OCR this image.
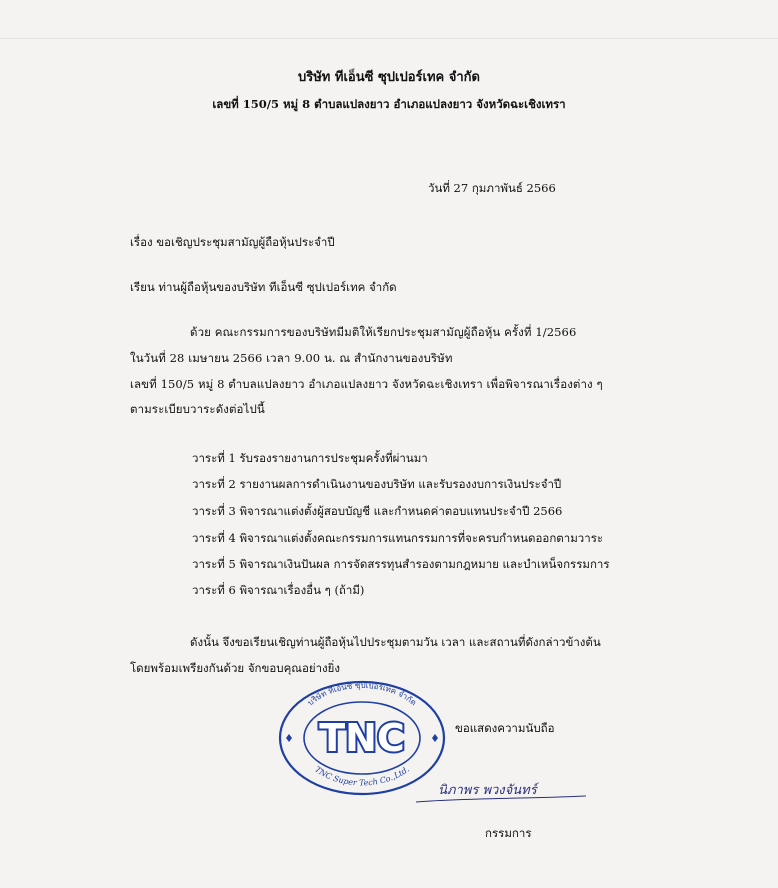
บริษัท ทีเอ็นซี ซุปเปอร์เทค จำกัด
เลขที่ 150/5 หมู่ 8 ตำบลแปลงยาว อำเภอแปลงยาว จังหวัดฉะเชิงเทรา
วันที่ 27 กุมภาพันธ์ 2566
เรื่อง ขอเชิญประชุมสามัญผู้ถือหุ้นประจำปี
เรียน ท่านผู้ถือหุ้นของบริษัท ทีเอ็นซี ซุปเปอร์เทค จำกัด
ด้วย คณะกรรมการของบริษัทมีมติให้เรียกประชุมสามัญผู้ถือหุ้น ครั้งที่ 1/2566
ในวันที่ 28 เมษายน 2566 เวลา 9.00 น. ณ สำนักงานของบริษัท
เลขที่ 150/5 หมู่ 8 ตำบลแปลงยาว อำเภอแปลงยาว จังหวัดฉะเชิงเทรา เพื่อพิจารณาเรื่องต่าง ๆ
ตามระเบียบวาระดังต่อไปนี้
วาระที่ 1 รับรองรายงานการประชุมครั้งที่ผ่านมา
วาระที่ 2 รายงานผลการดำเนินงานของบริษัท และรับรองงบการเงินประจำปี
วาระที่ 3 พิจารณาแต่งตั้งผู้สอบบัญชี และกำหนดค่าตอบแทนประจำปี 2566
วาระที่ 4 พิจารณาแต่งตั้งคณะกรรมการแทนกรรมการที่จะครบกำหนดออกตามวาระ
วาระที่ 5 พิจารณาเงินปันผล การจัดสรรทุนสำรองตามกฎหมาย และบำเหน็จกรรมการ
วาระที่ 6 พิจารณาเรื่องอื่น ๆ (ถ้ามี)
ดังนั้น จึงขอเรียนเชิญท่านผู้ถือหุ้นไปประชุมตามวัน เวลา และสถานที่ดังกล่าวข้างต้น
โดยพร้อมเพรียงกันด้วย จักขอบคุณอย่างยิ่ง
บริษัท ทีเอ็นซี ซุปเปอร์เทค จำกัด
TNC
TNC Super Tech Co.,Ltd.
ขอแสดงความนับถือ
นิภาพร พวงจันทร์
กรรมการ
